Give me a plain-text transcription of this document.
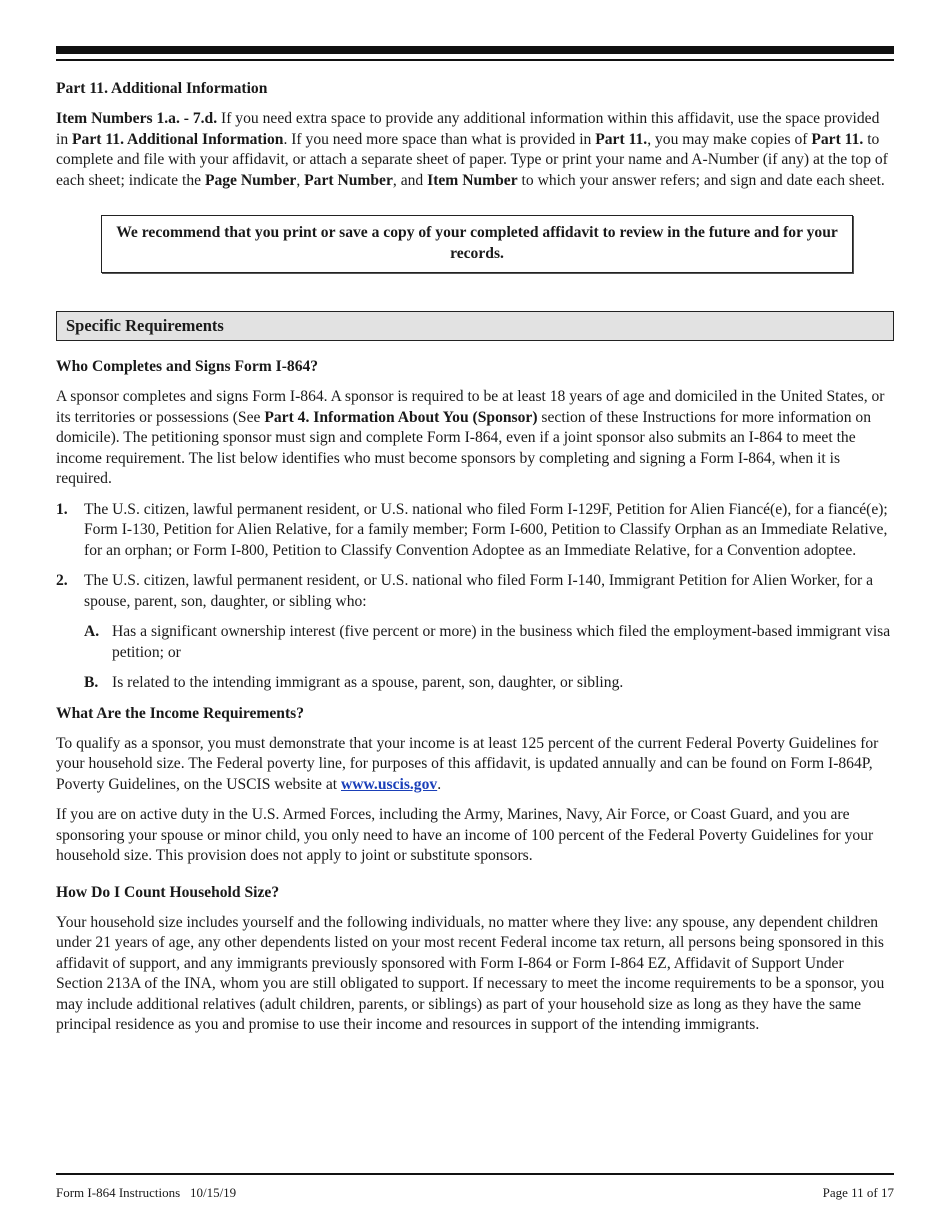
Part 11. Additional Information

Item Numbers 1.a. - 7.d. If you need extra space to provide any additional information within this affidavit, use the space provided in Part 11. Additional Information. If you need more space than what is provided in Part 11., you may make copies of Part 11. to complete and file with your affidavit, or attach a separate sheet of paper. Type or print your name and A-Number (if any) at the top of each sheet; indicate the Page Number, Part Number, and Item Number to which your answer refers; and sign and date each sheet.

We recommend that you print or save a copy of your completed affidavit to review in the future and for your records.
Specific Requirements
Who Completes and Signs Form I-864?

A sponsor completes and signs Form I-864. A sponsor is required to be at least 18 years of age and domiciled in the United States, or its territories or possessions (See Part 4. Information About You (Sponsor) section of these Instructions for more information on domicile). The petitioning sponsor must sign and complete Form I-864, even if a joint sponsor also submits an I-864 to meet the income requirement. The list below identifies who must become sponsors by completing and signing a Form I-864, when it is required.

1. The U.S. citizen, lawful permanent resident, or U.S. national who filed Form I-129F, Petition for Alien Fiancé(e), for a fiancé(e); Form I-130, Petition for Alien Relative, for a family member; Form I-600, Petition to Classify Orphan as an Immediate Relative, for an orphan; or Form I-800, Petition to Classify Convention Adoptee as an Immediate Relative, for a Convention adoptee.
2. The U.S. citizen, lawful permanent resident, or U.S. national who filed Form I-140, Immigrant Petition for Alien Worker, for a spouse, parent, son, daughter, or sibling who:
A. Has a significant ownership interest (five percent or more) in the business which filed the employment-based immigrant visa petition; or
B. Is related to the intending immigrant as a spouse, parent, son, daughter, or sibling.
What Are the Income Requirements?

To qualify as a sponsor, you must demonstrate that your income is at least 125 percent of the current Federal Poverty Guidelines for your household size. The Federal poverty line, for purposes of this affidavit, is updated annually and can be found on Form I-864P, Poverty Guidelines, on the USCIS website at www.uscis.gov.

If you are on active duty in the U.S. Armed Forces, including the Army, Marines, Navy, Air Force, or Coast Guard, and you are sponsoring your spouse or minor child, you only need to have an income of 100 percent of the Federal Poverty Guidelines for your household size. This provision does not apply to joint or substitute sponsors.

How Do I Count Household Size?

Your household size includes yourself and the following individuals, no matter where they live: any spouse, any dependent children under 21 years of age, any other dependents listed on your most recent Federal income tax return, all persons being sponsored in this affidavit of support, and any immigrants previously sponsored with Form I-864 or Form I-864 EZ, Affidavit of Support Under Section 213A of the INA, whom you are still obligated to support. If necessary to meet the income requirements to be a sponsor, you may include additional relatives (adult children, parents, or siblings) as part of your household size as long as they have the same principal residence as you and promise to use their income and resources in support of the intending immigrants.

Form I-864 Instructions   10/15/19	Page 11 of 17
